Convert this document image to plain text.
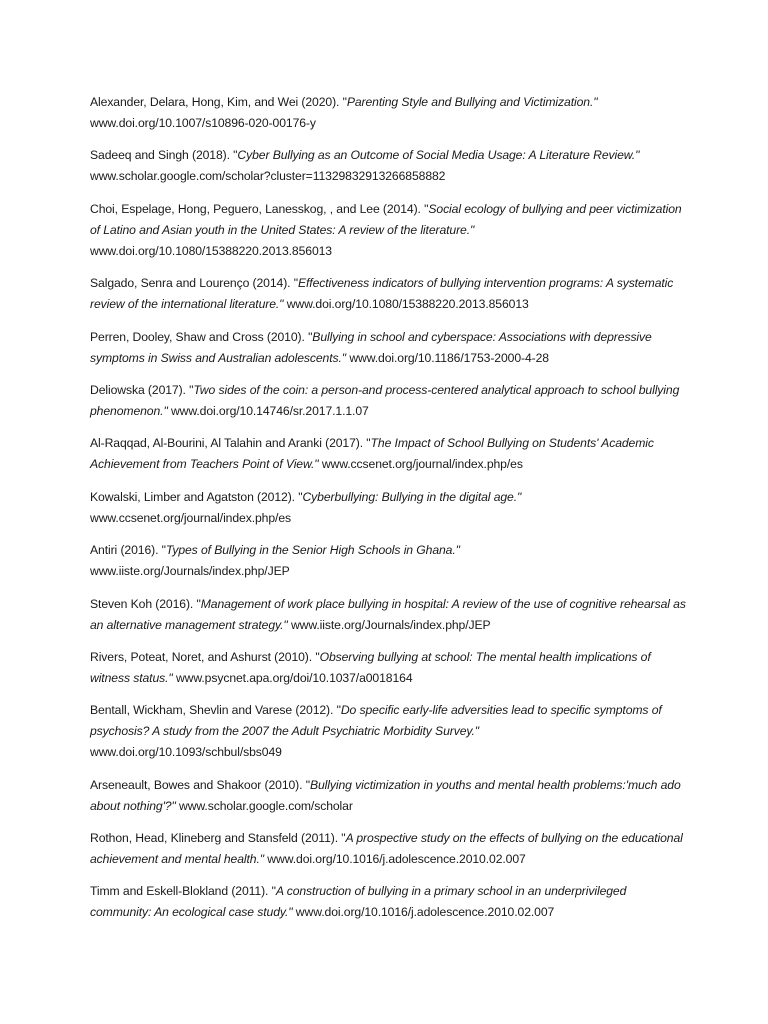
Alexander, Delara, Hong, Kim, and Wei (2020). "Parenting Style and Bullying and Victimization."
www.doi.org/10.1007/s10896-020-00176-y

Sadeeq and Singh (2018). "Cyber Bullying as an Outcome of Social Media Usage: A Literature Review."
www.scholar.google.com/scholar?cluster=11329832913266858882

Choi, Espelage, Hong, Peguero, Lanesskog, , and Lee (2014). "Social ecology of bullying and peer victimization of Latino and Asian youth in the United States: A review of the literature." www.doi.org/10.1080/15388220.2013.856013

Salgado, Senra and Lourenço (2014). "Effectiveness indicators of bullying intervention programs: A systematic review of the international literature." www.doi.org/10.1080/15388220.2013.856013

Perren, Dooley, Shaw and Cross (2010). "Bullying in school and cyberspace: Associations with depressive symptoms in Swiss and Australian adolescents." www.doi.org/10.1186/1753-2000-4-28

Deliowska (2017). "Two sides of the coin: a person-and process-centered analytical approach to school bullying phenomenon." www.doi.org/10.14746/sr.2017.1.1.07

Al-Raqqad, Al-Bourini, Al Talahin and Aranki (2017). "The Impact of School Bullying on Students' Academic Achievement from Teachers Point of View." www.ccsenet.org/journal/index.php/es

Kowalski, Limber and Agatston (2012). "Cyberbullying: Bullying in the digital age."
www.ccsenet.org/journal/index.php/es

Antiri (2016). "Types of Bullying in the Senior High Schools in Ghana."
www.iiste.org/Journals/index.php/JEP

Steven Koh (2016). "Management of work place bullying in hospital: A review of the use of cognitive rehearsal as an alternative management strategy." www.iiste.org/Journals/index.php/JEP

Rivers, Poteat, Noret, and Ashurst (2010). "Observing bullying at school: The mental health implications of witness status." www.psycnet.apa.org/doi/10.1037/a0018164

Bentall, Wickham, Shevlin and Varese (2012). "Do specific early-life adversities lead to specific symptoms of psychosis? A study from the 2007 the Adult Psychiatric Morbidity Survey."
www.doi.org/10.1093/schbul/sbs049

Arseneault, Bowes and Shakoor (2010). "Bullying victimization in youths and mental health problems:'much ado about nothing'?" www.scholar.google.com/scholar

Rothon, Head, Klineberg and Stansfeld (2011). "A prospective study on the effects of bullying on the educational achievement and mental health." www.doi.org/10.1016/j.adolescence.2010.02.007

Timm and Eskell-Blokland (2011). "A construction of bullying in a primary school in an underprivileged community: An ecological case study." www.doi.org/10.1016/j.adolescence.2010.02.007
